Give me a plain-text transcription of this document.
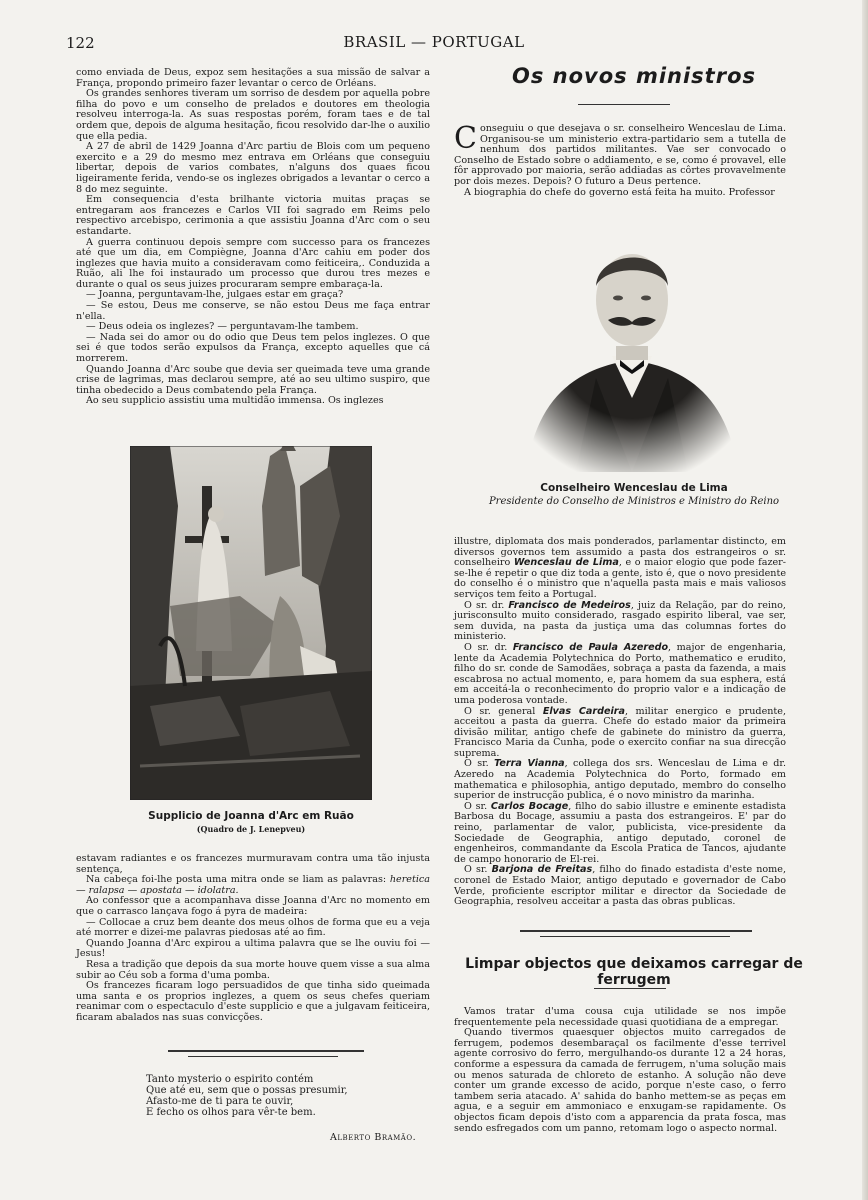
122	BRASIL — PORTUGAL

como enviada de Deus, expoz sem hesitações a sua missão de salvar a França, propondo primeiro fazer levantar o cerco de Orléans.

Os grandes senhores tiveram um sorriso de desdem por aquella pobre filha do povo e um conselho de prelados e doutores em theologia resolveu interroga-la. As suas respostas porém, foram taes e de tal ordem que, depois de alguma hesitação, ficou resolvido dar-lhe o auxilio que ella pedia.

A 27 de abril de 1429 Joanna d'Arc partiu de Blois com um pequeno exercito e a 29 do mesmo mez entrava em Orléans que conseguiu libertar, depois de varios combates, n'alguns dos quaes ficou ligeiramente ferida, vendo-se os inglezes obrigados a levantar o cerco a 8 do mez seguinte.

Em consequencia d'esta brilhante victoria muitas praças se entregaram aos francezes e Carlos VII foi sagrado em Reims pelo respectivo arcebispo, cerimonia a que assistiu Joanna d'Arc com o seu estandarte.

A guerra continuou depois sempre com successo para os francezes até que um dia, em Compiègne, Joanna d'Arc cahiu em poder dos inglezes que havia muito a consideravam como feiticeira,. Conduzida a Ruão, ali lhe foi instaurado um processo que durou tres mezes e durante o qual os seus juizes procuraram sempre embaraça-la.

— Joanna, perguntavam-lhe, julgaes estar em graça?

— Se estou, Deus me conserve, se não estou Deus me faça entrar n'ella.

— Deus odeia os inglezes? — perguntavam-lhe tambem.

— Nada sei do amor ou do odio que Deus tem pelos inglezes. O que sei é que todos serão expulsos da França, excepto aquelles que cá morrerem.

Quando Joanna d'Arc soube que devia ser queimada teve uma grande crise de lagrimas, mas declarou sempre, até ao seu ultimo suspiro, que tinha obedecido a Deus combatendo pela França.

Ao seu supplicio assistiu uma multidão immensa. Os inglezes

Supplicio de Joanna d'Arc em Ruão
(Quadro de J. Lenepveu)

estavam radiantes e os francezes murmuravam contra uma tão injusta sentença,

Na cabeça foi-lhe posta uma mitra onde se liam as palavras: heretica — ralapsa — apostata — idolatra.

Ao confessor que a acompanhava disse Joanna d'Arc no momento em que o carrasco lançava fogo á pyra de madeira:

— Collocae a cruz bem deante dos meus olhos de forma que eu a veja até morrer e dizei-me palavras piedosas até ao fim.

Quando Joanna d'Arc expirou a ultima palavra que se lhe ouviu foi — Jesus!

Resa a tradição que depois da sua morte houve quem visse a sua alma subir ao Céu sob a forma d'uma pomba.

Os francezes ficaram logo persuadidos de que tinha sido queimada uma santa e os proprios inglezes, a quem os seus chefes queriam reanimar com o espectaculo d'este supplicio e que a julgavam feiticeira, ficaram abalados nas suas convicções.

Tanto mysterio o espirito contém
Que até eu, sem que o possas presumir,
Afasto-me de ti para te ouvir,
E fecho os olhos para vêr-te bem.
Alberto Bramão.
Os novos ministros

Conseguiu o que desejava o sr. conselheiro Wenceslau de Lima. Organisou-se um ministerio extra-partidario sem a tutella de nenhum dos partidos militantes. Vae ser convocado o Conselho de Estado sobre o addiamento, e se, como é provavel, elle fôr approvado por maioria, serão addiadas as côrtes provavelmente por dois mezes. Depois? O futuro a Deus pertence.

A biographia do chefe do governo está feita ha muito. Professor

Conselheiro Wenceslau de Lima
Presidente do Conselho de Ministros e Ministro do Reino

illustre, diplomata dos mais ponderados, parlamentar distincto, em diversos governos tem assumido a pasta dos estrangeiros o sr. conselheiro Wenceslau de Lima, e o maior elogio que pode fazer-se-lhe é repetir o que diz toda a gente, isto é, que o novo presidente do conselho é o ministro que n'aquella pasta mais e mais valiosos serviços tem feito a Portugal.

O sr. dr. Francisco de Medeiros, juiz da Relação, par do reino, jurisconsulto muito considerado, rasgado espirito liberal, vae ser, sem duvida, na pasta da justiça uma das columnas fortes do ministerio.

O sr. dr. Francisco de Paula Azeredo, major de engenharia, lente da Academia Polytechnica do Porto, mathematico e erudito, filho do sr. conde de Samodães, sobraça a pasta da fazenda, a mais escabrosa no actual momento, e, para homem da sua esphera, está em acceitá-la o reconhecimento do proprio valor e a indicação de uma poderosa vontade.

O sr. general Elvas Cardeira, militar energico e prudente, acceitou a pasta da guerra. Chefe do estado maior da primeira divisão militar, antigo chefe de gabinete do ministro da guerra, Francisco Maria da Cunha, pode o exercito confiar na sua direcção suprema.

O sr. Terra Vianna, collega dos srs. Wenceslau de Lima e dr. Azeredo na Academia Polytechnica do Porto, formado em mathematica e philosophia, antigo deputado, membro do conselho superior de instrucção publica, é o novo ministro da marinha.

O sr. Carlos Bocage, filho do sabio illustre e eminente estadista Barbosa du Bocage, assumiu a pasta dos estrangeiros. E' par do reino, parlamentar de valor, publicista, vice-presidente da Sociedade de Geographia, antigo deputado, coronel de engenheiros, commandante da Escola Pratica de Tancos, ajudante de campo honorario de El-rei.

O sr. Barjona de Freitas, filho do finado estadista d'este nome, coronel de Estado Maior, antigo deputado e governador de Cabo Verde, proficiente escriptor militar e director da Sociedade de Geographia, resolveu acceitar a pasta das obras publicas.

Limpar objectos que deixamos carregar de ferrugem

Vamos tratar d'uma cousa cuja utilidade se nos impõe frequentemente pela necessidade quasi quotidiana de a empregar.

Quando tivermos quaesquer objectos muito carregados de ferrugem, podemos desembaraçal os facilmente d'esse terrivel agente corrosivo do ferro, mergulhando-os durante 12 a 24 horas, conforme a espessura da camada de ferrugem, n'uma solução mais ou menos saturada de chloreto de estanho. A solução não deve conter um grande excesso de acido, porque n'este caso, o ferro tambem seria atacado. A' sahida do banho mettem-se as peças em agua, e a seguir em ammoniaco e enxugam-se rapidamente. Os objectos ficam depois d'isto com a apparencia da prata fosca, mas sendo esfregados com um panno, retomam logo o aspecto normal.
